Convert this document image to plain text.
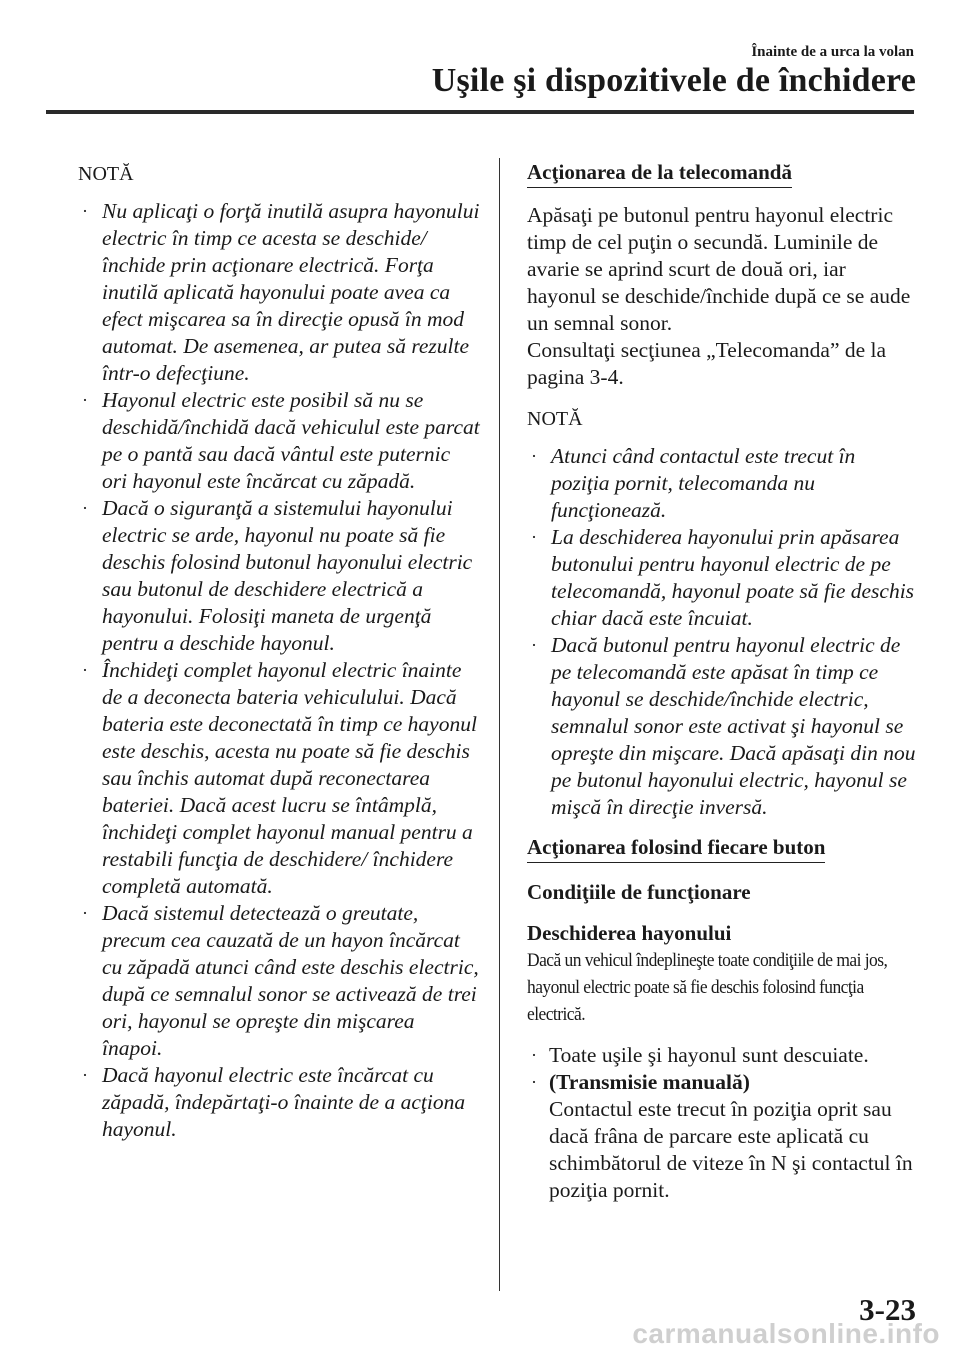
Înainte de a urca la volan

Uşile şi dispozitivele de închidere

NOTĂ

· Nu aplicaţi o forţă inutilă asupra hayonului electric în timp ce acesta se deschide/închide prin acţionare electrică. Forţa inutilă aplicată hayonului poate avea ca efect mişcarea sa în direcţie opusă în mod automat. De asemenea, ar putea să rezulte într-o defecţiune.
· Hayonul electric este posibil să nu se deschidă/închidă dacă vehiculul este parcat pe o pantă sau dacă vântul este puternic ori hayonul este încărcat cu zăpadă.
· Dacă o siguranţă a sistemului hayonului electric se arde, hayonul nu poate să fie deschis folosind butonul hayonului electric sau butonul de deschidere electrică a hayonului. Folosiţi maneta de urgenţă pentru a deschide hayonul.
· Închideţi complet hayonul electric înainte de a deconecta bateria vehiculului. Dacă bateria este deconectată în timp ce hayonul este deschis, acesta nu poate să fie deschis sau închis automat după reconectarea bateriei. Dacă acest lucru se întâmplă, închideţi complet hayonul manual pentru a restabili funcţia de deschidere/ închidere completă automată.
· Dacă sistemul detectează o greutate, precum cea cauzată de un hayon încărcat cu zăpadă atunci când este deschis electric, după ce semnalul sonor se activează de trei ori, hayonul se opreşte din mişcarea înapoi.
· Dacă hayonul electric este încărcat cu zăpadă, îndepărtaţi-o înainte de a acţiona hayonul.

Acţionarea de la telecomandă

Apăsaţi pe butonul pentru hayonul electric timp de cel puţin o secundă. Luminile de avarie se aprind scurt de două ori, iar hayonul se deschide/închide după ce se aude un semnal sonor.

Consultaţi secţiunea „Telecomanda” de la pagina 3-4.

NOTĂ

· Atunci când contactul este trecut în poziţia pornit, telecomanda nu funcţionează.
· La deschiderea hayonului prin apăsarea butonului pentru hayonul electric de pe telecomandă, hayonul poate să fie deschis chiar dacă este încuiat.
· Dacă butonul pentru hayonul electric de pe telecomandă este apăsat în timp ce hayonul se deschide/închide electric, semnalul sonor este activat şi hayonul se opreşte din mişcare. Dacă apăsaţi din nou pe butonul hayonului electric, hayonul se mişcă în direcţie inversă.

Acţionarea folosind fiecare buton

Condiţiile de funcţionare

Deschiderea hayonului

Dacă un vehicul îndeplineşte toate condiţiile de mai jos, hayonul electric poate să fie deschis folosind funcţia electrică.

· Toate uşile şi hayonul sunt descuiate.
· (Transmisie manuală)
Contactul este trecut în poziţia oprit sau dacă frâna de parcare este aplicată cu schimbătorul de viteze în N şi contactul în poziţia pornit.

3-23

carmanualsonline.info
